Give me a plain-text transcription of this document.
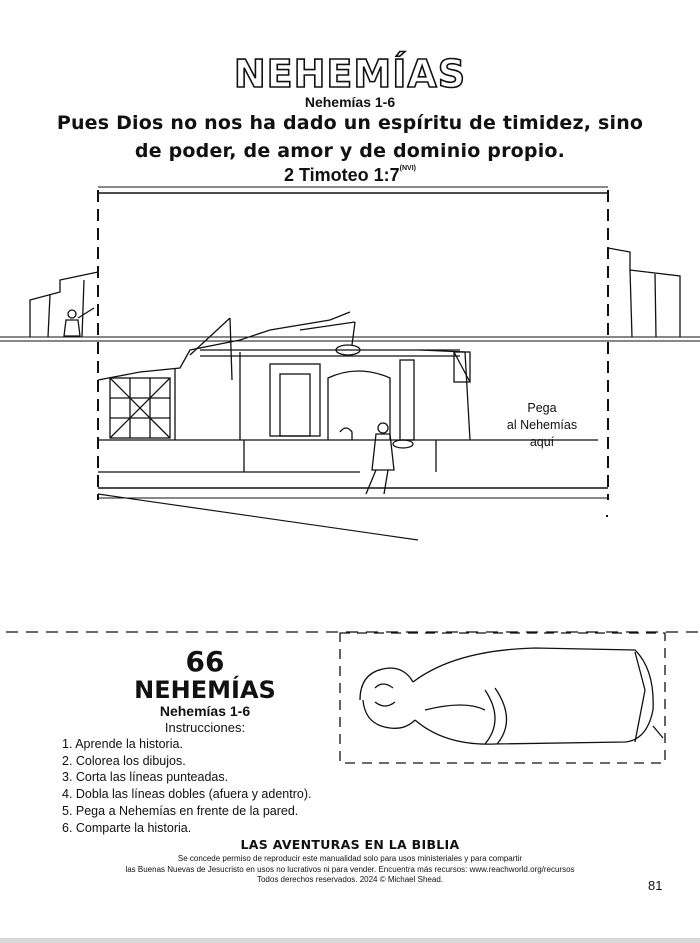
NEHEMÍAS
Nehemías 1-6
Pues Dios no nos ha dado un espíritu de timidez, sino
de poder, de amor y de dominio propio.
2 Timoteo $1:7^{(NVI)}$
Pega
al Nehemías
aquí
66
NEHEMÍAS
Nehemías 1-6
Instrucciones:
1. Aprende la historia.
2. Colorea los dibujos.
3. Corta las líneas punteadas.
4. Dobla las líneas dobles (afuera y adentro).
5. Pega a Nehemías en frente de la pared.
6. Comparte la historia.
LAS AVENTURAS EN LA BIBLIA
Se concede permiso de reproducir este manualidad solo para usos ministeriales y para compartir
las Buenas Nuevas de Jesucristo en usos no lucrativos ni para vender. Encuentra más recursos: www.reachworld.org/recursos
Todos derechos reservados. 2024 © Michael Shead.	81
